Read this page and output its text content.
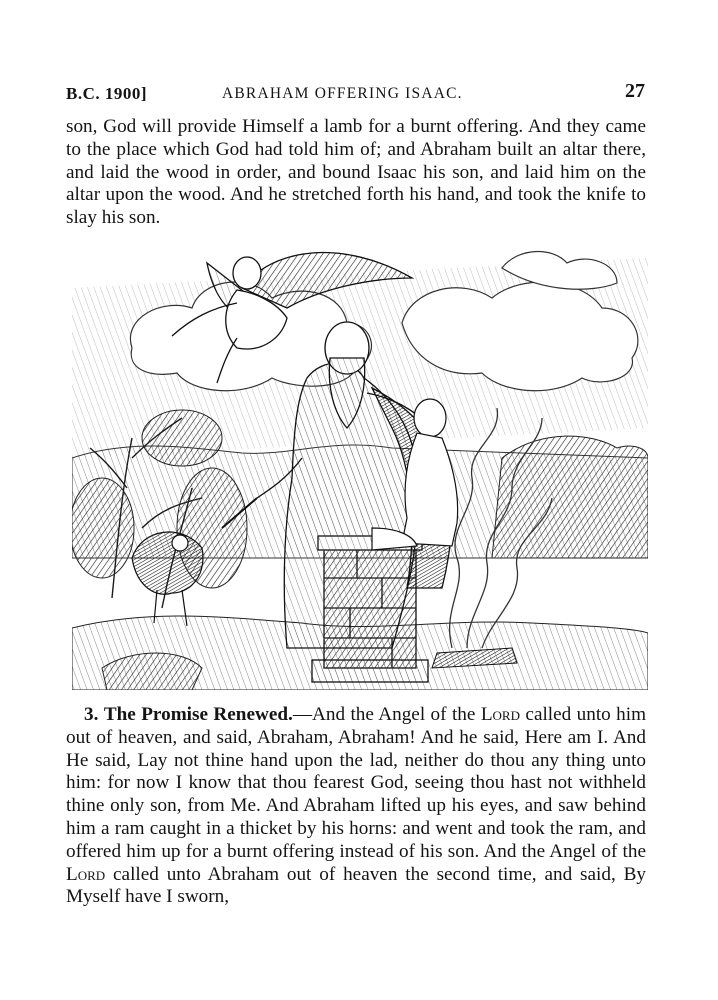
B.C. 1900]	ABRAHAM OFFERING ISAAC.	27

son, God will provide Himself a lamb for a burnt offering. And they came to the place which God had told him of; and Abraham built an altar there, and laid the wood in order, and bound Isaac his son, and laid him on the altar upon the wood. And he stretched forth his hand, and took the knife to slay his son.

3. The Promise Renewed.—And the Angel of the Lord called unto him out of heaven, and said, Abraham, Abraham! And he said, Here am I. And He said, Lay not thine hand upon the lad, neither do thou any thing unto him: for now I know that thou fearest God, seeing thou hast not withheld thine only son, from Me. And Abraham lifted up his eyes, and saw behind him a ram caught in a thicket by his horns: and went and took the ram, and offered him up for a burnt offering instead of his son. And the Angel of the Lord called unto Abraham out of heaven the second time, and said, By Myself have I sworn,
